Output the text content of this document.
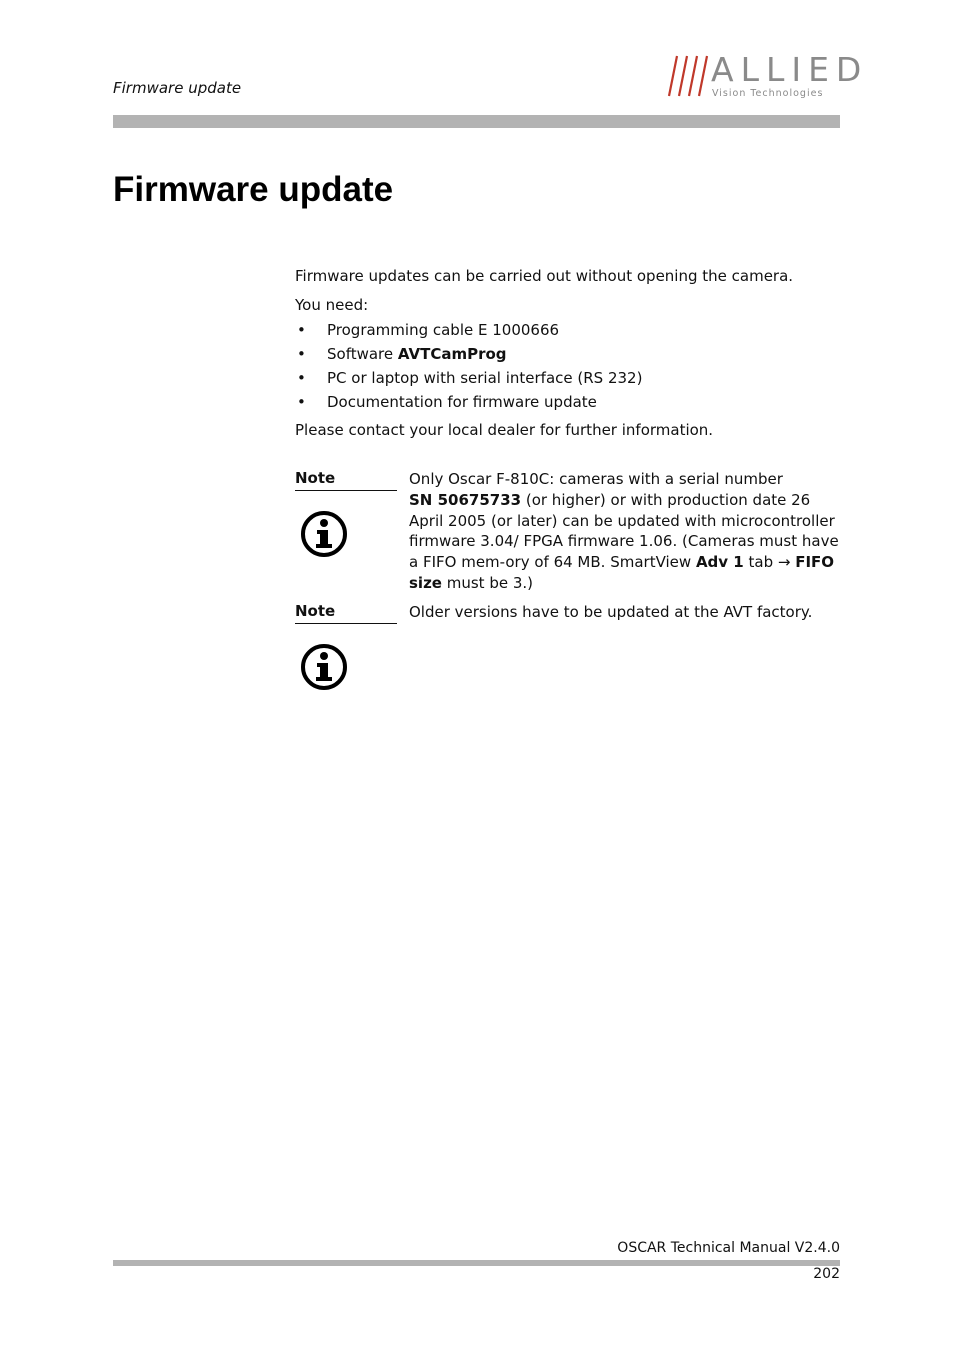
Firmware update	ALLIED
Vision Technologies
Firmware update
Firmware updates can be carried out without opening the camera.
You need:
• Programming cable E 1000666
• Software AVTCamProg
• PC or laptop with serial interface (RS 232)
• Documentation for firmware update
Please contact your local dealer for further information.
Note	Only Oscar F-810C: cameras with a serial number
SN 50675733 (or higher) or with production date 26 April 2005 (or later) can be updated with microcontroller firmware 3.04/ FPGA firmware 1.06. (Cameras must have a FIFO mem-ory of 64 MB. SmartView Adv 1 tab → FIFO size must be 3.)
Note	Older versions have to be updated at the AVT factory.
OSCAR Technical Manual V2.4.0
202
